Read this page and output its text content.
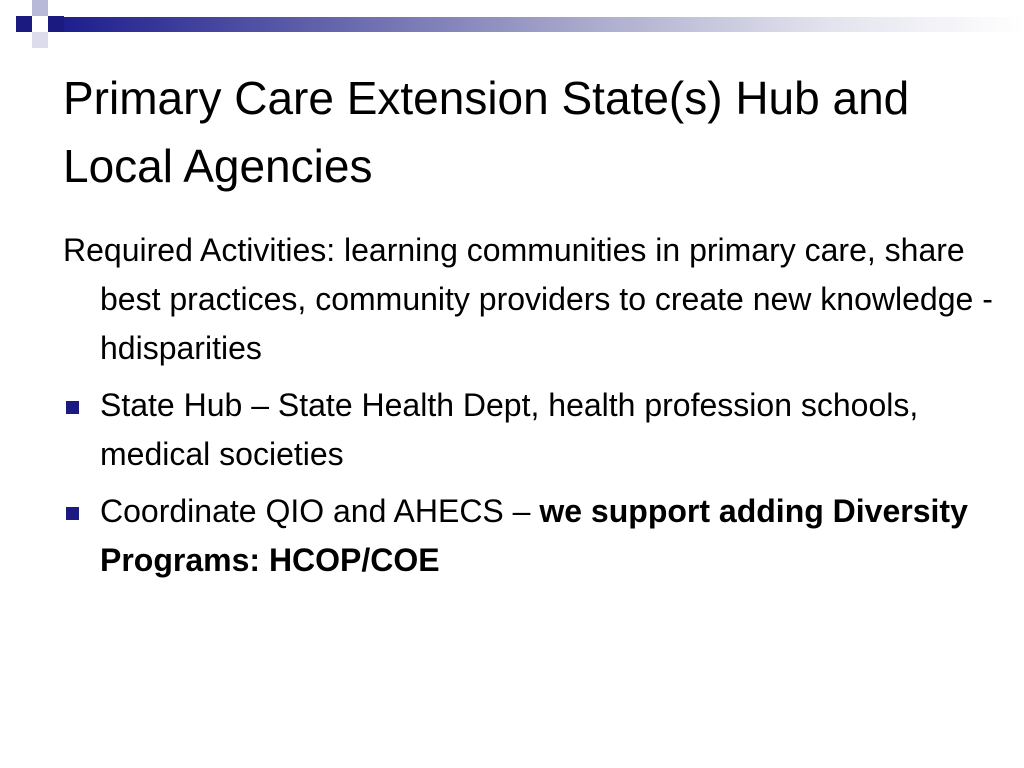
Primary Care Extension State(s) Hub and Local Agencies

Required Activities: learning communities in primary care, share best practices, community providers to create new knowledge - hdisparities

State Hub – State Health Dept, health profession schools, medical societies
Coordinate QIO and AHECS – we support adding Diversity Programs: HCOP/COE
